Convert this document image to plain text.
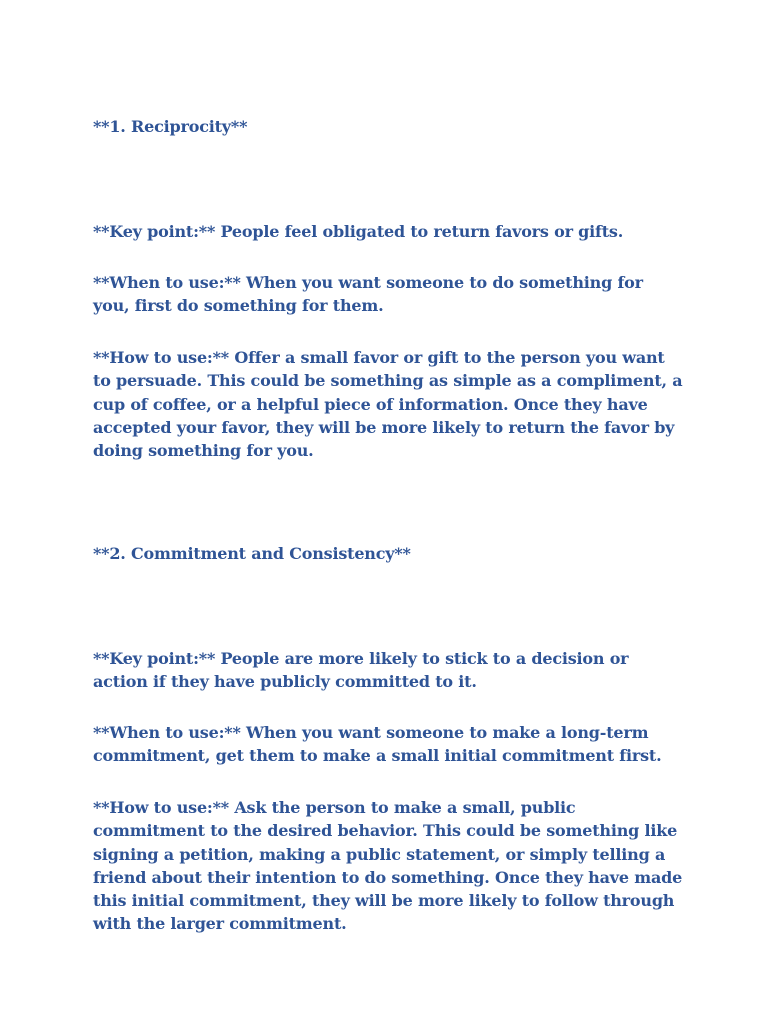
**1. Reciprocity**

**Key point:** People feel obligated to return favors or gifts.

**When to use:** When you want someone to do something for you, first do something for them.

**How to use:** Offer a small favor or gift to the person you want to persuade. This could be something as simple as a compliment, a cup of coffee, or a helpful piece of information. Once they have accepted your favor, they will be more likely to return the favor by doing something for you.

**2. Commitment and Consistency**

**Key point:** People are more likely to stick to a decision or action if they have publicly committed to it.

**When to use:** When you want someone to make a long-term commitment, get them to make a small initial commitment first.

**How to use:** Ask the person to make a small, public commitment to the desired behavior. This could be something like signing a petition, making a public statement, or simply telling a friend about their intention to do something. Once they have made this initial commitment, they will be more likely to follow through with the larger commitment.
